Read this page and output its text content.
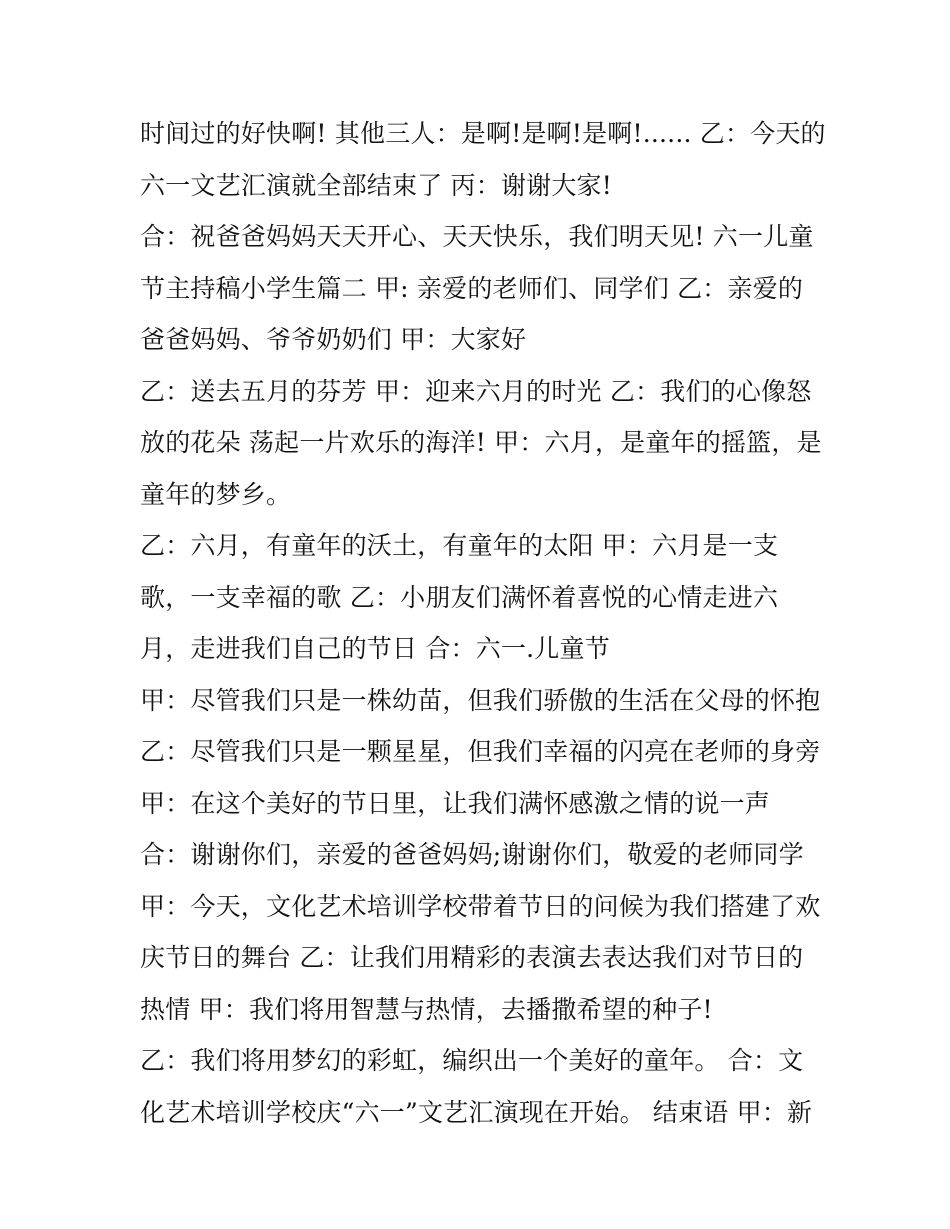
时间过的好快啊! 其他三人：是啊!是啊!是啊!...... 乙：今天的
六一文艺汇演就全部结束了 丙：谢谢大家!
合：祝爸爸妈妈天天开心、天天快乐，我们明天见! 六一儿童
节主持稿小学生篇二 甲: 亲爱的老师们、同学们 乙：亲爱的
爸爸妈妈、爷爷奶奶们 甲：大家好
乙：送去五月的芬芳 甲：迎来六月的时光 乙：我们的心像怒
放的花朵 荡起一片欢乐的海洋! 甲：六月，是童年的摇篮，是
童年的梦乡。
乙：六月，有童年的沃土，有童年的太阳 甲：六月是一支
歌，一支幸福的歌 乙：小朋友们满怀着喜悦的心情走进六
月，走进我们自己的节日 合：六一.儿童节
甲：尽管我们只是一株幼苗，但我们骄傲的生活在父母的怀抱
乙：尽管我们只是一颗星星，但我们幸福的闪亮在老师的身旁
甲：在这个美好的节日里，让我们满怀感激之情的说一声
合：谢谢你们，亲爱的爸爸妈妈;谢谢你们，敬爱的老师同学
甲：今天，文化艺术培训学校带着节日的问候为我们搭建了欢
庆节日的舞台 乙：让我们用精彩的表演去表达我们对节日的
热情 甲：我们将用智慧与热情，去播撒希望的种子!
乙：我们将用梦幻的彩虹，编织出一个美好的童年。 合：文
化艺术培训学校庆“六一”文艺汇演现在开始。 结束语 甲：新
